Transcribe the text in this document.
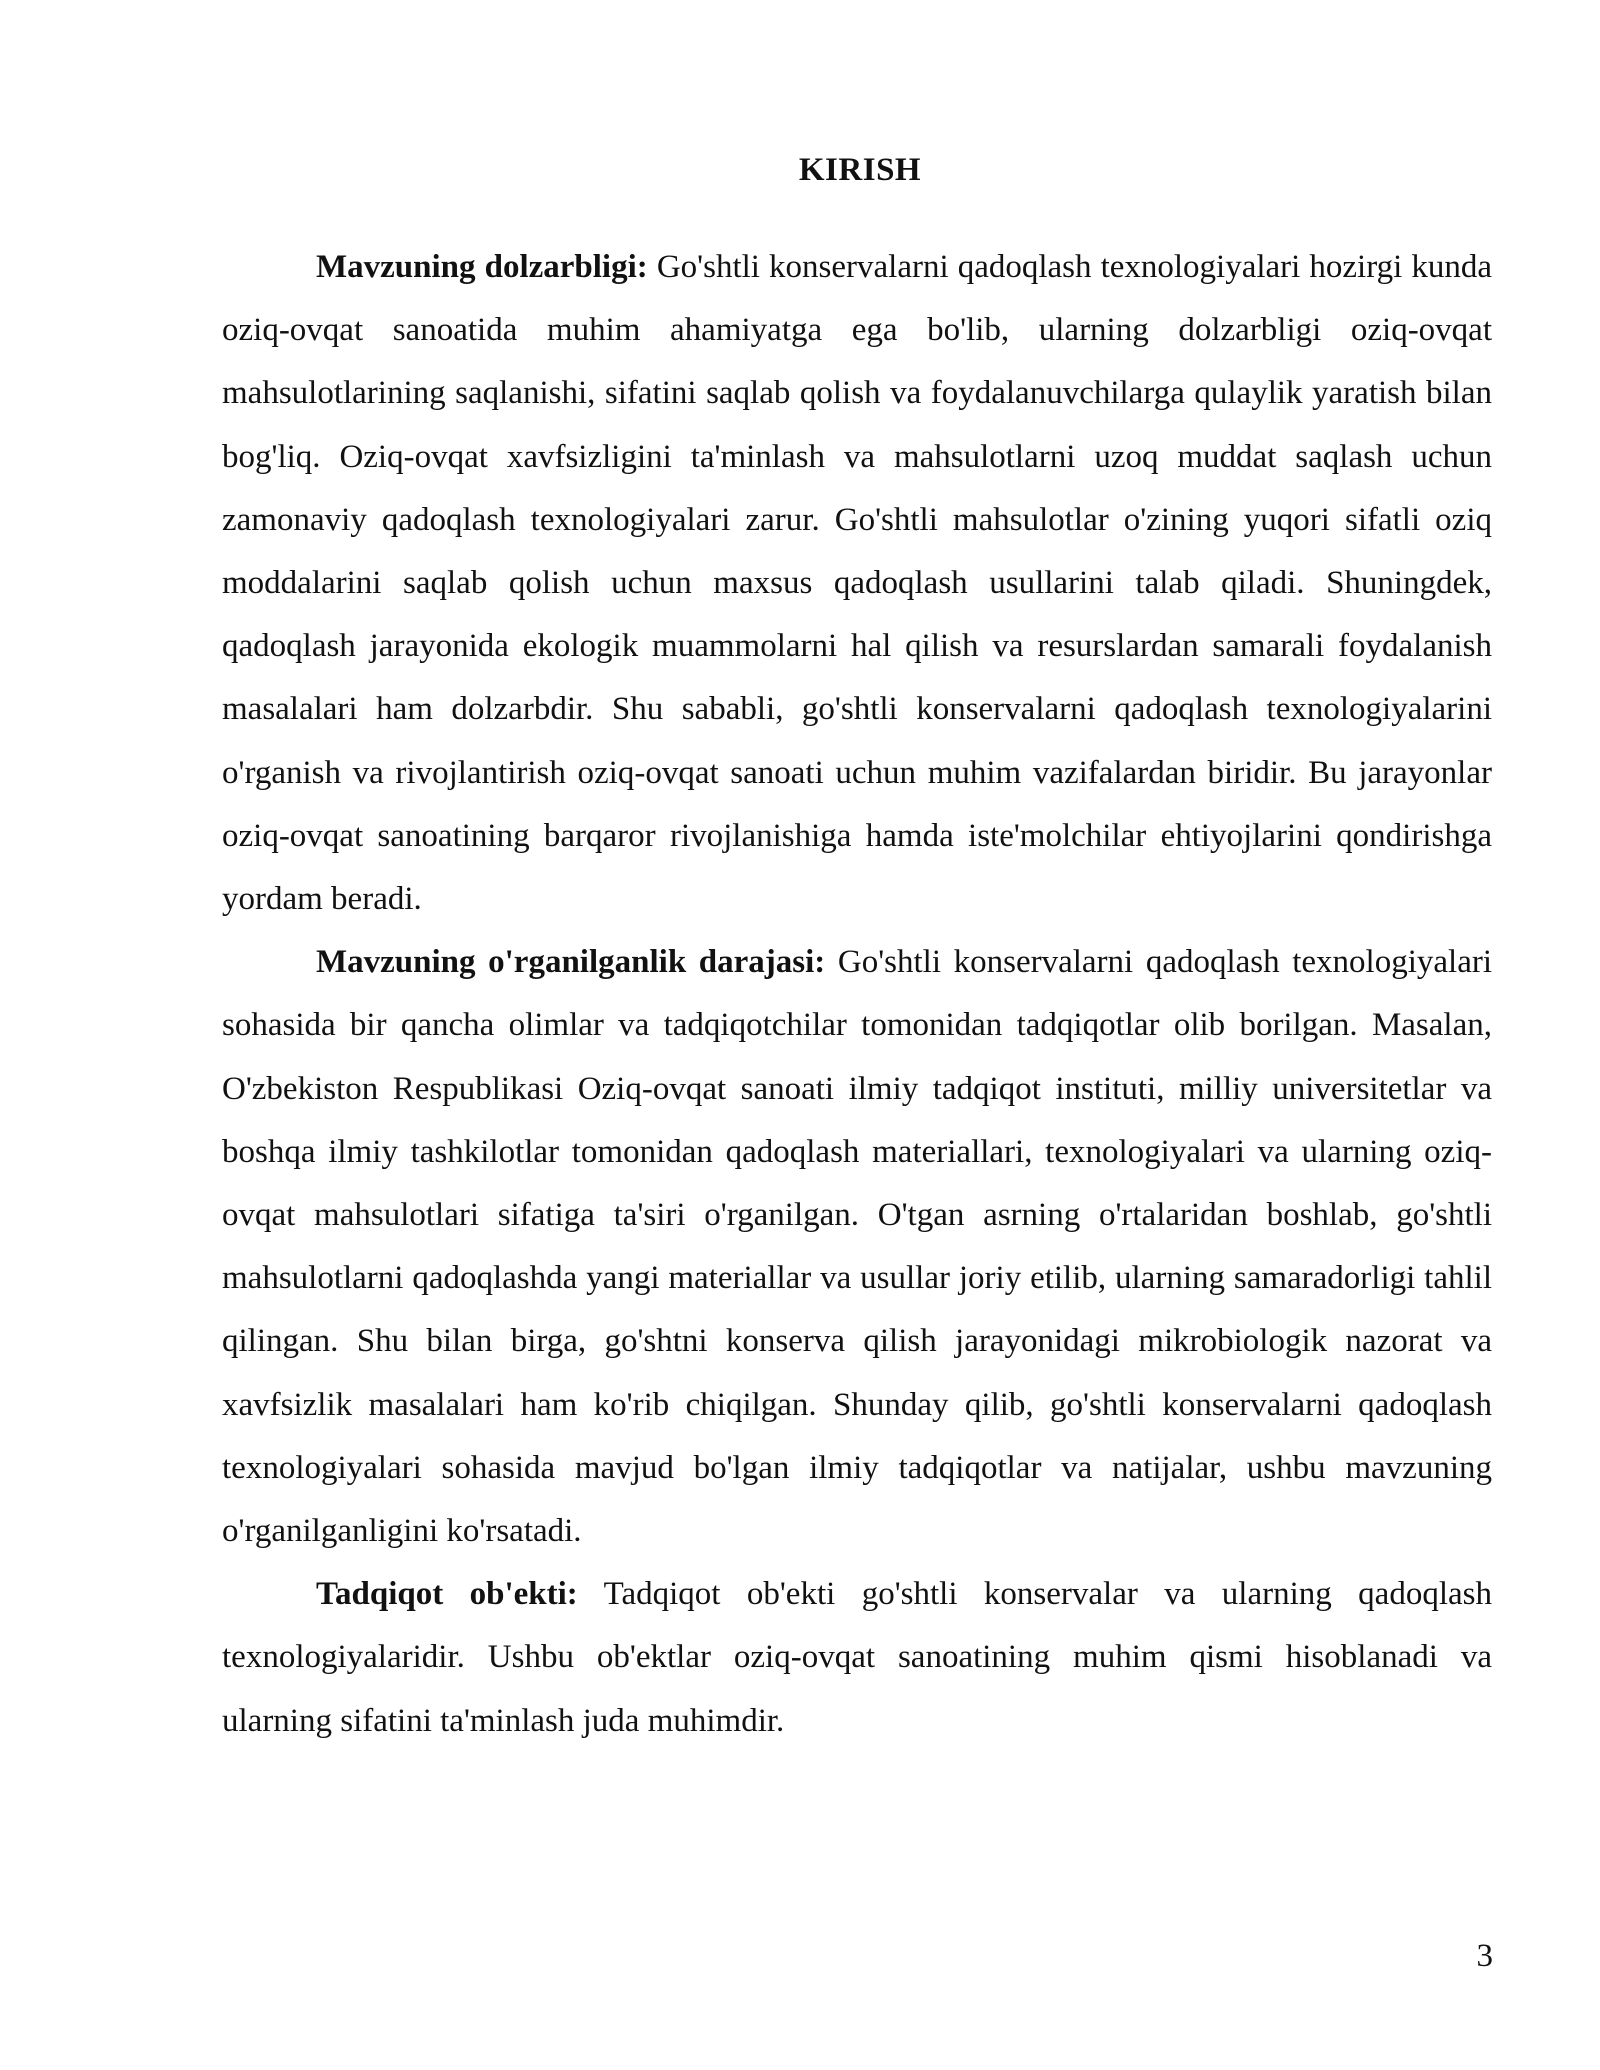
KIRISH

Mavzuning dolzarbligi: Go'shtli konservalarni qadoqlash texnologiyalari hozirgi kunda oziq-ovqat sanoatida muhim ahamiyatga ega bo'lib, ularning dolzarbligi oziq-ovqat mahsulotlarining saqlanishi, sifatini saqlab qolish va foydalanuvchilarga qulaylik yaratish bilan bog'liq. Oziq-ovqat xavfsizligini ta'minlash va mahsulotlarni uzoq muddat saqlash uchun zamonaviy qadoqlash texnologiyalari zarur. Go'shtli mahsulotlar o'zining yuqori sifatli oziq moddalarini saqlab qolish uchun maxsus qadoqlash usullarini talab qiladi. Shuningdek, qadoqlash jarayonida ekologik muammolarni hal qilish va resurslardan samarali foydalanish masalalari ham dolzarbdir. Shu sababli, go'shtli konservalarni qadoqlash texnologiyalarini o'rganish va rivojlantirish oziq-ovqat sanoati uchun muhim vazifalardan biridir. Bu jarayonlar oziq-ovqat sanoatining barqaror rivojlanishiga hamda iste'molchilar ehtiyojlarini qondirishga yordam beradi.

Mavzuning o'rganilganlik darajasi: Go'shtli konservalarni qadoqlash texnologiyalari sohasida bir qancha olimlar va tadqiqotchilar tomonidan tadqiqotlar olib borilgan. Masalan, O'zbekiston Respublikasi Oziq-ovqat sanoati ilmiy tadqiqot instituti, milliy universitetlar va boshqa ilmiy tashkilotlar tomonidan qadoqlash materiallari, texnologiyalari va ularning oziq-ovqat mahsulotlari sifatiga ta'siri o'rganilgan. O'tgan asrning o'rtalaridan boshlab, go'shtli mahsulotlarni qadoqlashda yangi materiallar va usullar joriy etilib, ularning samaradorligi tahlil qilingan. Shu bilan birga, go'shtni konserva qilish jarayonidagi mikrobiologik nazorat va xavfsizlik masalalari ham ko'rib chiqilgan. Shunday qilib, go'shtli konservalarni qadoqlash texnologiyalari sohasida mavjud bo'lgan ilmiy tadqiqotlar va natijalar, ushbu mavzuning o'rganilganligini ko'rsatadi.

Tadqiqot ob'ekti: Tadqiqot ob'ekti go'shtli konservalar va ularning qadoqlash texnologiyalaridir. Ushbu ob'ektlar oziq-ovqat sanoatining muhim qismi hisoblanadi va ularning sifatini ta'minlash juda muhimdir.

3
